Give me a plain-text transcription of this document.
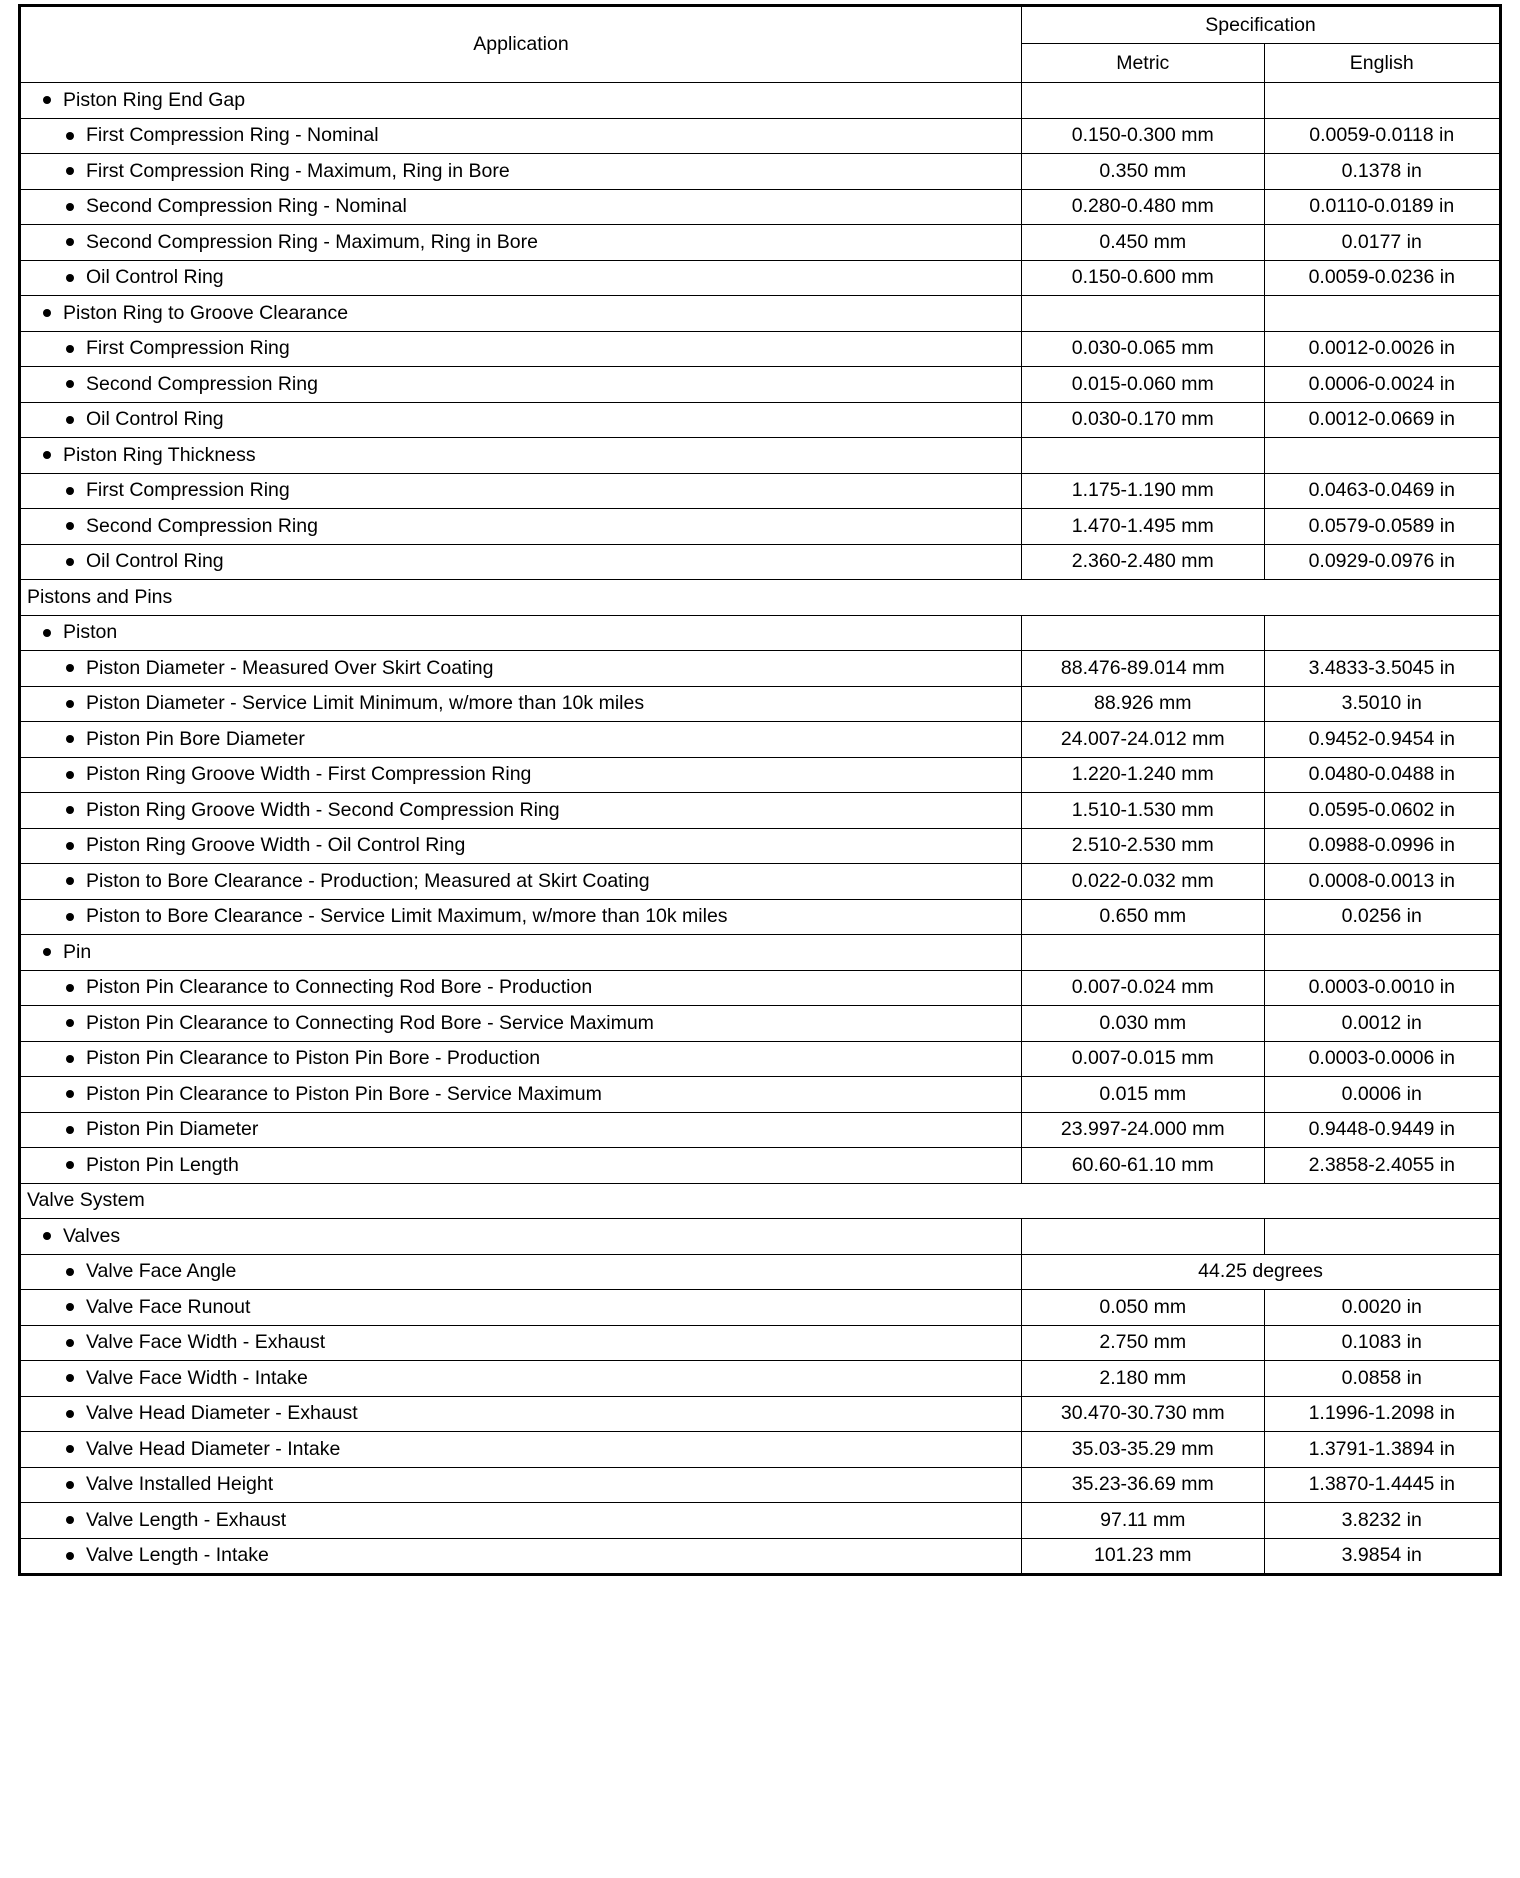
Application	Specification	
	Metric	English

Piston Ring End Gap		

First Compression Ring - Nominal	0.150-0.300 mm	0.0059-0.0118 in

First Compression Ring - Maximum, Ring in Bore	0.350 mm	0.1378 in

Second Compression Ring - Nominal	0.280-0.480 mm	0.0110-0.0189 in

Second Compression Ring - Maximum, Ring in Bore	0.450 mm	0.0177 in

Oil Control Ring	0.150-0.600 mm	0.0059-0.0236 in

Piston Ring to Groove Clearance		

First Compression Ring	0.030-0.065 mm	0.0012-0.0026 in

Second Compression Ring	0.015-0.060 mm	0.0006-0.0024 in

Oil Control Ring	0.030-0.170 mm	0.0012-0.0669 in

Piston Ring Thickness		

First Compression Ring	1.175-1.190 mm	0.0463-0.0469 in

Second Compression Ring	1.470-1.495 mm	0.0579-0.0589 in

Oil Control Ring	2.360-2.480 mm	0.0929-0.0976 in

Pistons and Pins		

Piston		

Piston Diameter - Measured Over Skirt Coating	88.476-89.014 mm	3.4833-3.5045 in

Piston Diameter - Service Limit Minimum, w/more than 10k miles	88.926 mm	3.5010 in

Piston Pin Bore Diameter	24.007-24.012 mm	0.9452-0.9454 in

Piston Ring Groove Width - First Compression Ring	1.220-1.240 mm	0.0480-0.0488 in

Piston Ring Groove Width - Second Compression Ring	1.510-1.530 mm	0.0595-0.0602 in

Piston Ring Groove Width - Oil Control Ring	2.510-2.530 mm	0.0988-0.0996 in

Piston to Bore Clearance - Production; Measured at Skirt Coating	0.022-0.032 mm	0.0008-0.0013 in

Piston to Bore Clearance - Service Limit Maximum, w/more than 10k miles	0.650 mm	0.0256 in

Pin		

Piston Pin Clearance to Connecting Rod Bore - Production	0.007-0.024 mm	0.0003-0.0010 in

Piston Pin Clearance to Connecting Rod Bore - Service Maximum	0.030 mm	0.0012 in

Piston Pin Clearance to Piston Pin Bore - Production	0.007-0.015 mm	0.0003-0.0006 in

Piston Pin Clearance to Piston Pin Bore - Service Maximum	0.015 mm	0.0006 in

Piston Pin Diameter	23.997-24.000 mm	0.9448-0.9449 in

Piston Pin Length	60.60-61.10 mm	2.3858-2.4055 in

Valve System		

Valves		

Valve Face Angle	44.25 degrees	

Valve Face Runout	0.050 mm	0.0020 in

Valve Face Width - Exhaust	2.750 mm	0.1083 in

Valve Face Width - Intake	2.180 mm	0.0858 in

Valve Head Diameter - Exhaust	30.470-30.730 mm	1.1996-1.2098 in

Valve Head Diameter - Intake	35.03-35.29 mm	1.3791-1.3894 in

Valve Installed Height	35.23-36.69 mm	1.3870-1.4445 in

Valve Length - Exhaust	97.11 mm	3.8232 in

Valve Length - Intake	101.23 mm	3.9854 in
